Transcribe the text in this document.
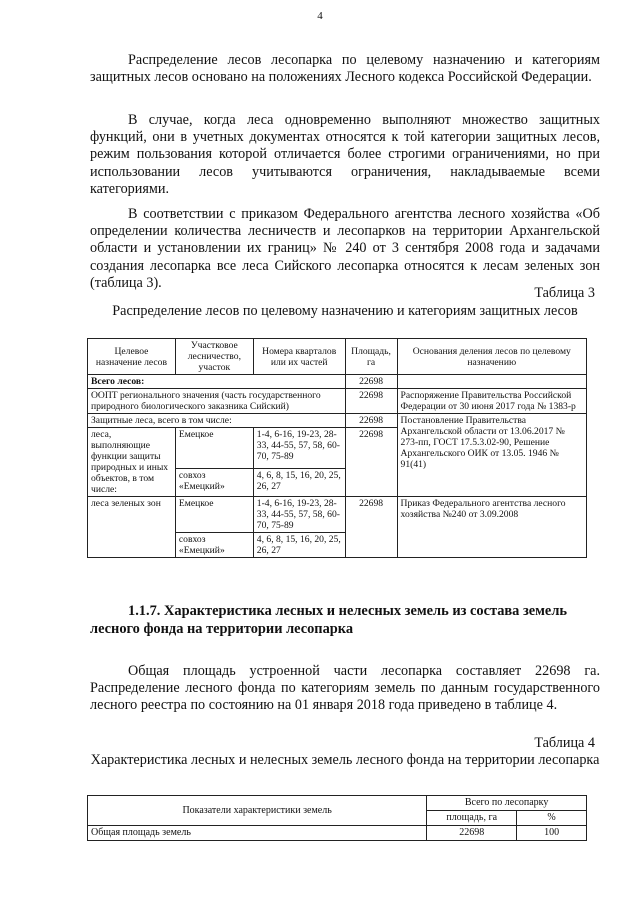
4

Распределение лесов лесопарка по целевому назначению и категориям защитных лесов основано на положениях Лесного кодекса Российской Федерации.

В случае, когда леса одновременно выполняют множество защитных функций, они в учетных документах относятся к той категории защитных лесов, режим пользования которой отличается более строгими ограничениями, но при использовании лесов учитываются ограничения, накладываемые всеми категориями.

В соответствии с приказом Федерального агентства лесного хозяйства «Об определении количества лесничеств и лесопарков на территории Архангельской области и установлении их границ» № 240 от 3 сентября 2008 года и задачами создания лесопарка все леса Сийского лесопарка относятся к лесам зеленых зон (таблица 3).

Таблица 3
Распределение лесов по целевому назначению и категориям защитных лесов
Целевое назначение лесов	Участковое лесничество, участок	Номера кварталов или их частей	Площадь, га	Основания деления лесов по целевому назначению
Всего лесов:			22698	
ООПТ регионального значения (часть государственного природного биологического заказника Сийский)			22698	Распоряжение Правительства Российской Федерации от 30 июня 2017 года № 1383-р
Защитные леса, всего в том числе:			22698	Постановление Правительства Архангельской области от 13.06.2017 № 273-пп, ГОСТ 17.5.3.02-90, Решение Архангельского ОИК от 13.05. 1946 № 91(41)
леса, выполняющие функции защиты природных и иных объектов, в том числе:	Емецкое	1-4, 6-16, 19-23, 28-33, 44-55, 57, 58, 60-70, 75-89	22698	
	совхоз «Емецкий»	4, 6, 8, 15, 16, 20, 25, 26, 27		
леса зеленых зон	Емецкое	1-4, 6-16, 19-23, 28-33, 44-55, 57, 58, 60-70, 75-89	22698	Приказ Федерального агентства лесного хозяйства №240 от 3.09.2008
	совхоз «Емецкий»	4, 6, 8, 15, 16, 20, 25, 26, 27		

1.1.7. Характеристика лесных и нелесных земель из состава земель лесного фонда на территории лесопарка

Общая площадь устроенной части лесопарка составляет 22698 га. Распределение лесного фонда по категориям земель по данным государственного лесного реестра по состоянию на 01 января 2018 года приведено в таблице 4.

Таблица 4
Характеристика лесных и нелесных земель лесного фонда на территории лесопарка
Показатели характеристики земель	Всего по лесопарку	
	площадь, га	%
Общая площадь земель	22698	100
